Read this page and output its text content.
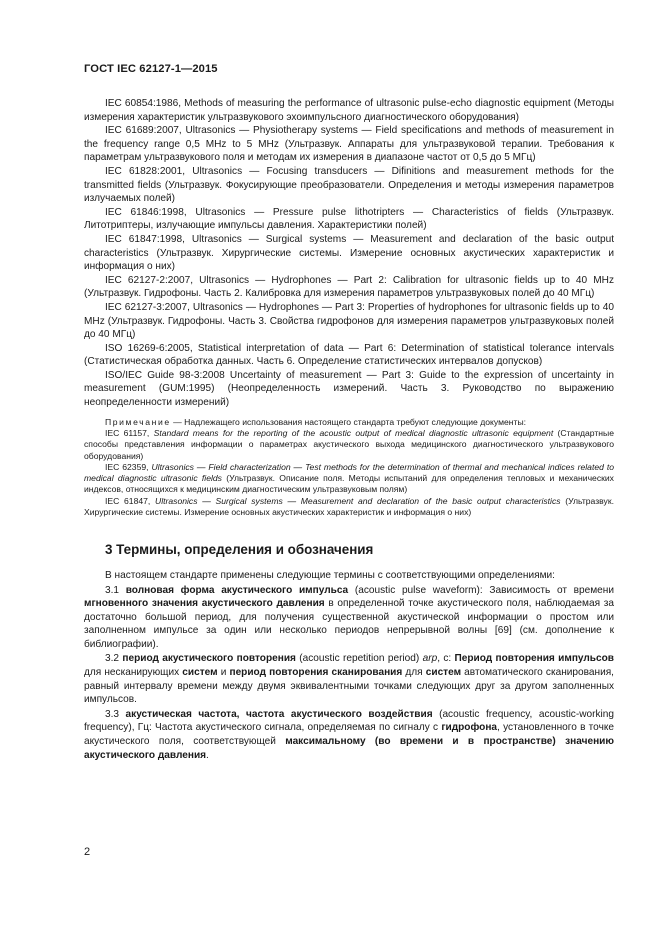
ГОСТ IEC 62127-1—2015

IEC 60854:1986, Methods of measuring the performance of ultrasonic pulse-echo diagnostic equipment (Методы измерения характеристик ультразвукового эхоимпульсного диагностического оборудования)

IEC 61689:2007, Ultrasonics — Physiotherapy systems — Field specifications and methods of measurement in the frequency range 0,5 MHz to 5 MHz (Ультразвук. Аппараты для ультразвуковой терапии. Требования к параметрам ультразвукового поля и методам их измерения в диапазоне частот от 0,5 до 5 МГц)

IEC 61828:2001, Ultrasonics — Focusing transducers — Difinitions and measurement methods for the transmitted fields (Ультразвук. Фокусирующие преобразователи. Определения и методы измерения параметров излучаемых полей)

IEC 61846:1998, Ultrasonics — Pressure pulse lithotripters — Characteristics of fields (Ультразвук. Литотриптеры, излучающие импульсы давления. Характеристики полей)

IEC 61847:1998, Ultrasonics — Surgical systems — Measurement and declaration of the basic output characteristics (Ультразвук. Хирургические системы. Измерение основных акустических характеристик и информация о них)

IEC 62127-2:2007, Ultrasonics — Hydrophones — Part 2: Calibration for ultrasonic fields up to 40 MHz (Ультразвук. Гидрофоны. Часть 2. Калибровка для измерения параметров ультразвуковых полей до 40 МГц)

IEC 62127-3:2007, Ultrasonics — Hydrophones — Part 3: Properties of hydrophones for ultrasonic fields up to 40 MHz (Ультразвук. Гидрофоны. Часть 3. Свойства гидрофонов для измерения параметров ультразвуковых полей до 40 МГц)

ISO 16269-6:2005, Statistical interpretation of data — Part 6: Determination of statistical tolerance intervals (Статистическая обработка данных. Часть 6. Определение статистических интервалов допусков)

ISO/IEC Guide 98-3:2008 Uncertainty of measurement — Part 3: Guide to the expression of uncertainty in measurement (GUM:1995) (Неопределенность измерений. Часть 3. Руководство по выражению неопределенности измерений)

Примечание — Надлежащего использования настоящего стандарта требуют следующие документы:

IEC 61157, Standard means for the reporting of the acoustic output of medical diagnostic ultrasonic equipment (Стандартные способы представления информации о параметрах акустического выхода медицинского диагностического ультразвукового оборудования)

IEC 62359, Ultrasonics — Field characterization — Test methods for the determination of thermal and mechanical indices related to medical diagnostic ultrasonic fields (Ультразвук. Описание поля. Методы испытаний для определения тепловых и механических индексов, относящихся к медицинским диагностическим ультразвуковым полям)

IEC 61847, Ultrasonics — Surgical systems — Measurement and declaration of the basic output characteristics (Ультразвук. Хирургические системы. Измерение основных акустических характеристик и информация о них)

3 Термины, определения и обозначения

В настоящем стандарте применены следующие термины с соответствующими определениями:

3.1 волновая форма акустического импульса (acoustic pulse waveform): Зависимость от времени мгновенного значения акустического давления в определенной точке акустического поля, наблюдаемая за достаточно большой период, для получения существенной акустической информации о простом или заполненном импульсе за один или несколько периодов непрерывной волны [69] (см. дополнение к библиографии).

3.2 период акустического повторения (acoustic repetition period) arp, с: Период повторения импульсов для несканирующих систем и период повторения сканирования для систем автоматического сканирования, равный интервалу времени между двумя эквивалентными точками следующих друг за другом заполненных импульсов.

3.3 акустическая частота, частота акустического воздействия (acoustic frequency, acoustic-working frequency), Гц: Частота акустического сигнала, определяемая по сигналу с гидрофона, установленного в точке акустического поля, соответствующей максимальному (во времени и в пространстве) значению акустического давления.

2
